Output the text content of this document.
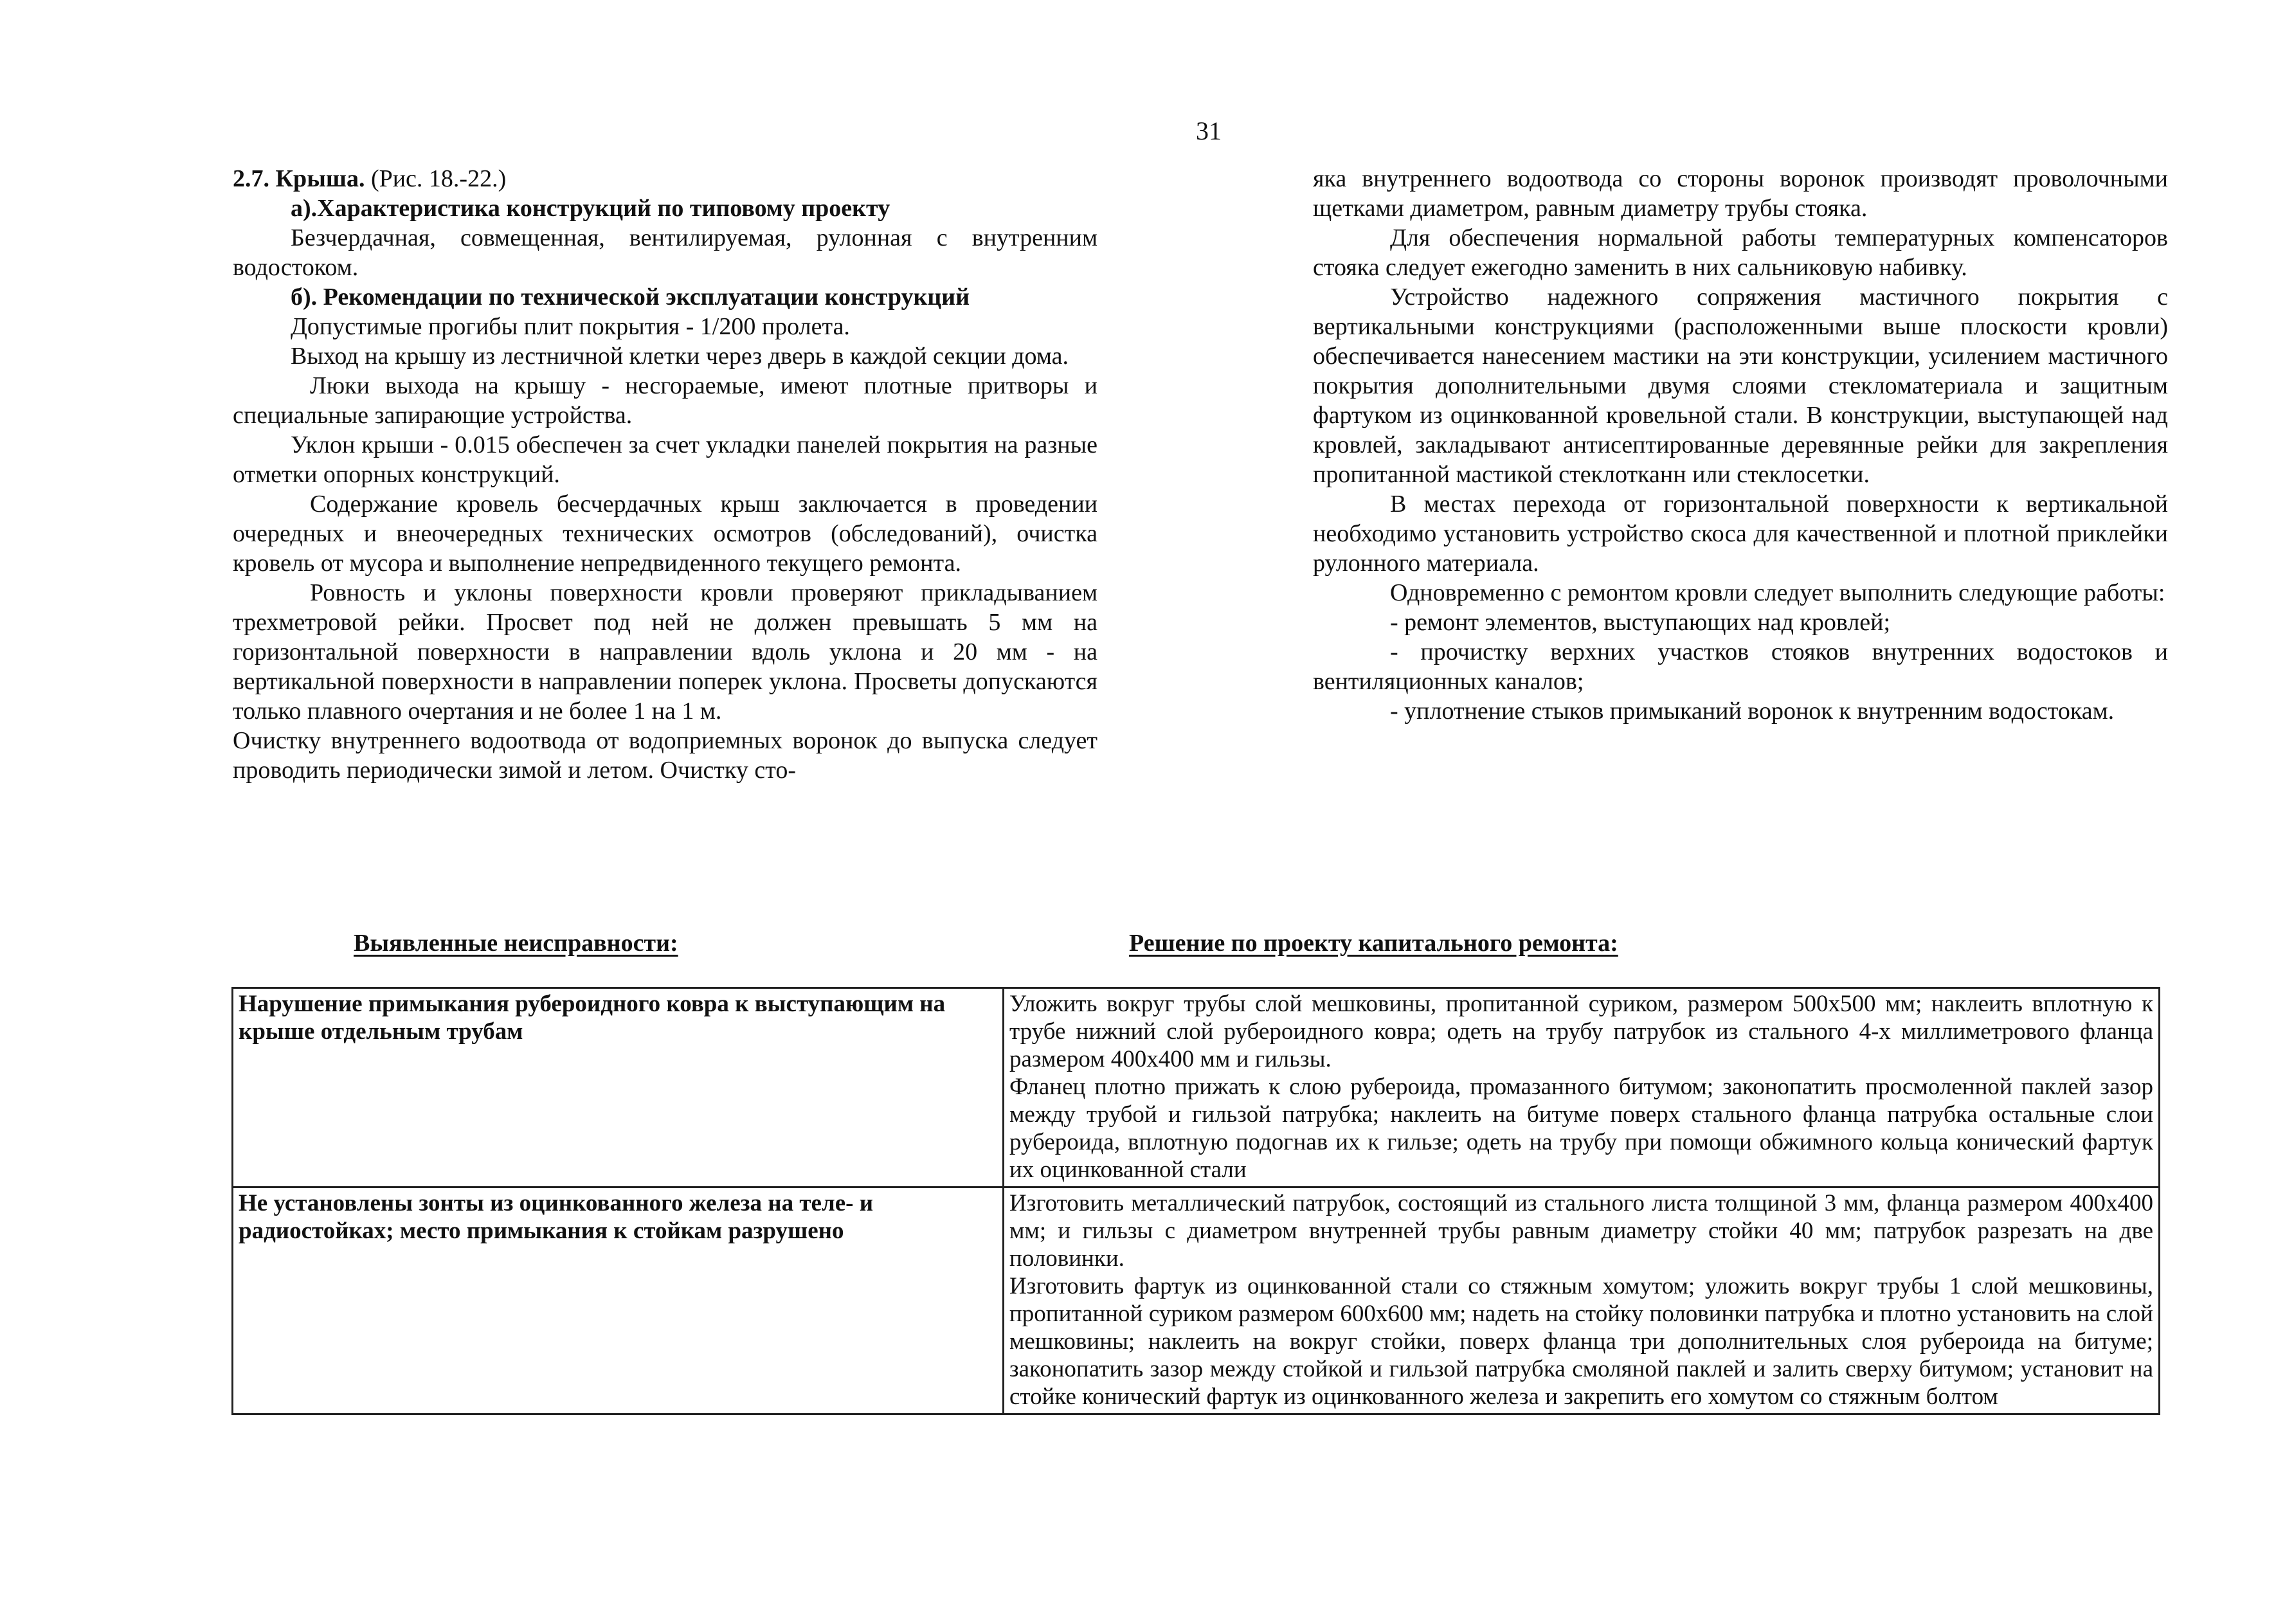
31

2.7. Крыша. (Рис. 18.-22.)

а).Характеристика конструкций по типовому проекту

Безчердачная, совмещенная, вентилируемая, рулонная с внутренним водостоком.

б). Рекомендации по технической эксплуатации конструкций

Допустимые прогибы плит покрытия - 1/200 пролета.

Выход на крышу из лестничной клетки через дверь в каждой секции дома.

Люки выхода на крышу - несгораемые, имеют плотные притворы и специальные запирающие устройства.

Уклон крыши - 0.015 обеспечен за счет укладки панелей покрытия на разные отметки опорных конструкций.

Содержание кровель бесчердачных крыш заключается в проведении очередных и внеочередных технических осмотров (обследований), очистка кровель от мусора и выполнение непредвиденного текущего ремонта.

Ровность и уклоны поверхности кровли проверяют прикладыванием трехметровой рейки. Просвет под ней не должен превышать 5 мм на горизонтальной поверхности в направлении вдоль уклона и 20 мм - на вертикальной поверхности в направлении поперек уклона. Просветы допускаются только плавного очертания и не более 1 на 1 м.

Очистку внутреннего водоотвода от водоприемных воронок до выпуска следует проводить периодически зимой и летом. Очистку сто-

яка внутреннего водоотвода со стороны воронок производят проволочными щетками диаметром, равным диаметру трубы стояка.

Для обеспечения нормальной работы температурных компенсаторов стояка следует ежегодно заменить в них сальниковую набивку.

Устройство надежного сопряжения мастичного покрытия с вертикальными конструкциями (расположенными выше плоскости кровли) обеспечивается нанесением мастики на эти конструкции, усилением мастичного покрытия дополнительными двумя слоями стекломатериала и защитным фартуком из оцинкованной кровельной стали. В конструкции, выступающей над кровлей, закладывают антисептированные деревянные рейки для закрепления пропитанной мастикой стеклотканн или стеклосетки.

В местах перехода от горизонтальной поверхности к вертикальной необходимо установить устройство скоса для качественной и плотной приклейки рулонного материала.

Одновременно с ремонтом кровли следует выполнить следующие работы:

- ремонт элементов, выступающих над кровлей;

- прочистку верхних участков стояков внутренних водостоков и вентиляционных каналов;

- уплотнение стыков примыканий воронок к внутренним водостокам.

Выявленные неисправности:	Решение по проекту капитального ремонта:
Нарушение примыкания рубероидного ковра к выступающим на крыше отдельным трубам	Уложить вокруг трубы слой мешковины, пропитанной суриком, размером 500х500 мм; наклеить вплотную к трубе нижний слой рубероидного ковра; одеть на трубу патрубок из стального 4-х миллиметрового фланца размером 400х400 мм и гильзы.

Фланец плотно прижать к слою рубероида, промазанного битумом; законопатить просмоленной паклей зазор между трубой и гильзой патрубка; наклеить на битуме поверх стального фланца патрубка остальные слои рубероида, вплотную подогнав их к гильзе; одеть на трубу при помощи обжимного кольца конический фартук их оцинкованной стали

Не установлены зонты из оцинкованного железа на теле- и радиостойках; место примыкания к стойкам разрушено	Изготовить металлический патрубок, состоящий из стального листа толщиной 3 мм, фланца размером 400х400 мм; и гильзы с диаметром внутренней трубы равным диаметру стойки 40 мм; патрубок разрезать на две половинки.

Изготовить фартук из оцинкованной стали со стяжным хомутом; уложить вокруг трубы 1 слой мешковины, пропитанной суриком размером 600х600 мм; надеть на стойку половинки патрубка и плотно установить на слой мешковины; наклеить на вокруг стойки, поверх фланца три дополнительных слоя рубероида на битуме; законопатить зазор между стойкой и гильзой патрубка смоляной паклей и залить сверху битумом; установит на стойке конический фартук из оцинкованного железа и закрепить его хомутом со стяжным болтом
